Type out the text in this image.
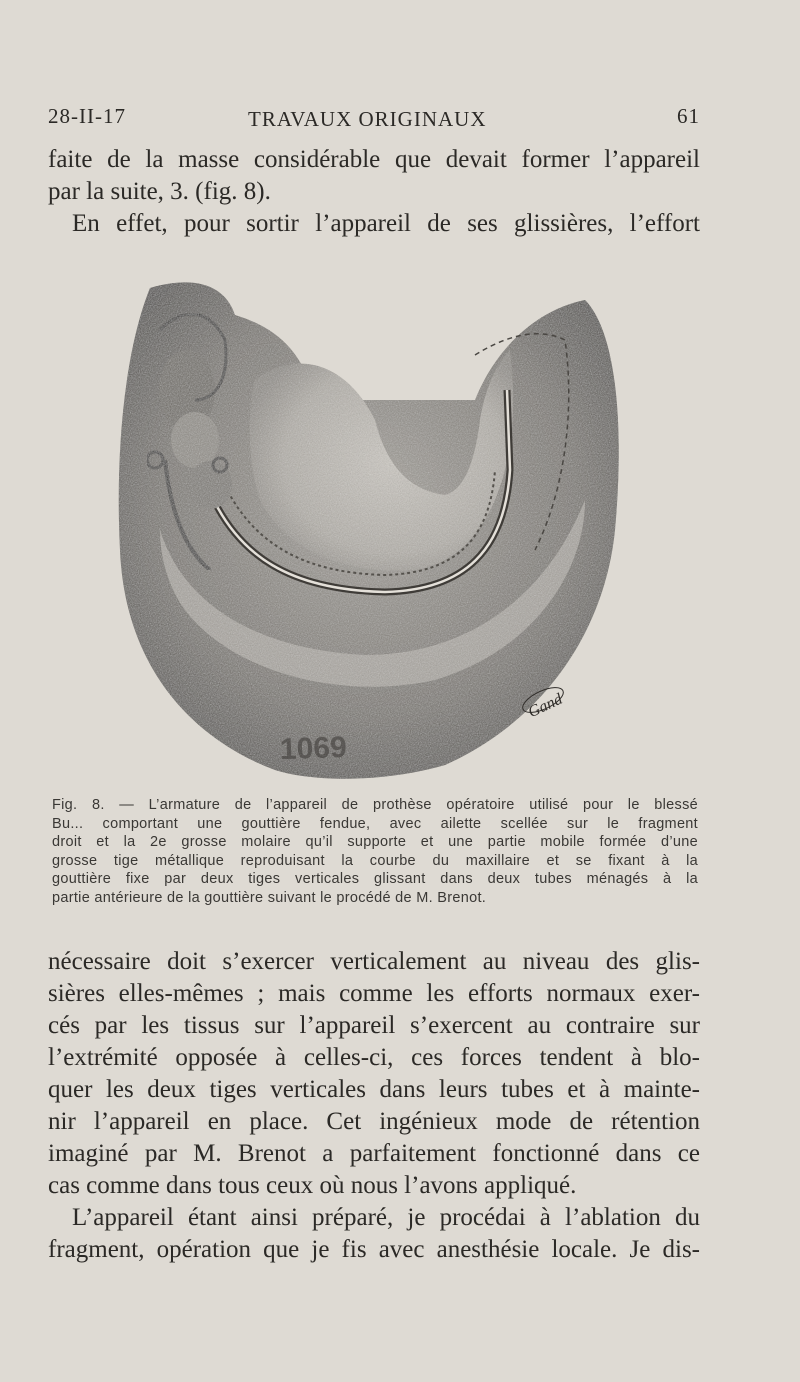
28-II-17	TRAVAUX ORIGINAUX	61
faite de la masse considérable que devait former l’appareil
par la suite, 3. (fig. 8).
En effet, pour sortir l’appareil de ses glissières, l’effort
1069
Gand
Fig. 8. — L’armature de l’appareil de prothèse opératoire utilisé pour le blessé
Bu... comportant une gouttière fendue, avec ailette scellée sur le fragment
droit et la 2e grosse molaire qu’il supporte et une partie mobile formée d’une
grosse tige métallique reproduisant la courbe du maxillaire et se fixant à la
gouttière fixe par deux tiges verticales glissant dans deux tubes ménagés à la
partie antérieure de la gouttière suivant le procédé de M. Brenot.
nécessaire doit s’exercer verticalement au niveau des glis-
sières elles-mêmes ; mais comme les efforts normaux exer-
cés par les tissus sur l’appareil s’exercent au contraire sur
l’extrémité opposée à celles-ci, ces forces tendent à blo-
quer les deux tiges verticales dans leurs tubes et à mainte-
nir l’appareil en place. Cet ingénieux mode de rétention
imaginé par M. Brenot a parfaitement fonctionné dans ce
cas comme dans tous ceux où nous l’avons appliqué.
L’appareil étant ainsi préparé, je procédai à l’ablation du
fragment, opération que je fis avec anesthésie locale. Je dis-
